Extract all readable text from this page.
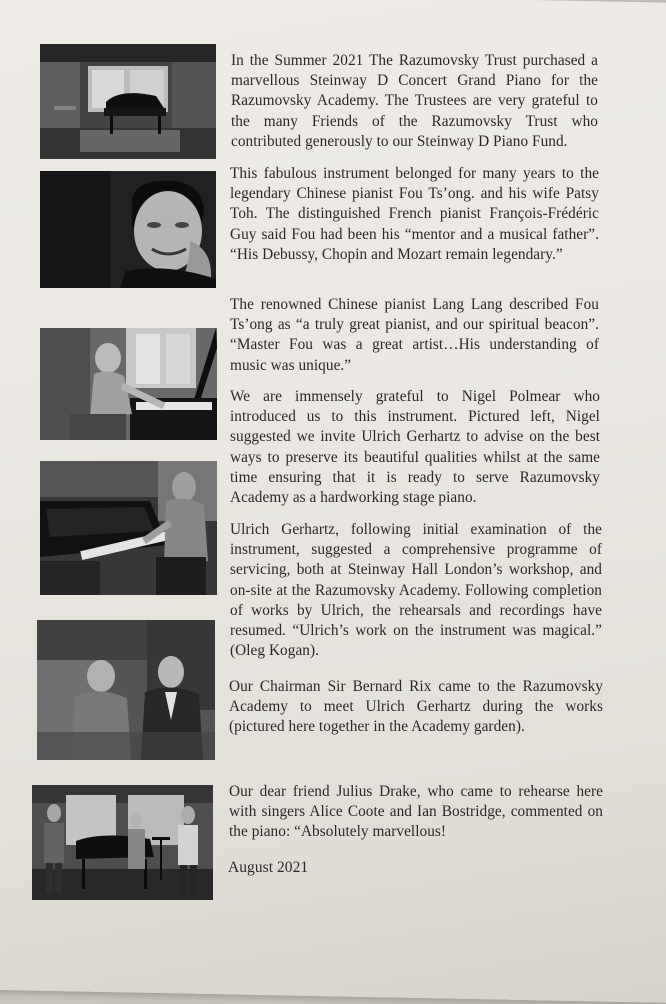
In the Summer 2021 The Razumovsky Trust purchased a marvellous Steinway D Concert Grand Piano for the Razumovsky Academy. The Trustees are very grateful to the many Friends of the Razumovsky Trust who contributed generously to our Steinway D Piano Fund.
This fabulous instrument belonged for many years to the legendary Chinese pianist Fou Ts’ong. and his wife Patsy Toh. The distinguished French pianist François-Frédéric Guy said Fou had been his “mentor and a musical father”. “His Debussy, Chopin and Mozart remain legendary.”
The renowned Chinese pianist Lang Lang described Fou Ts’ong as “a truly great pianist, and our spiritual beacon”. “Master Fou was a great artist…His understanding of music was unique.”
We are immensely grateful to Nigel Polmear who introduced us to this instrument. Pictured left, Nigel suggested we invite Ulrich Gerhartz to advise on the best ways to preserve its beautiful qualities whilst at the same time ensuring that it is ready to serve Razumovsky Academy as a hardworking stage piano.
Ulrich Gerhartz, following initial examination of the instrument, suggested a comprehensive programme of servicing, both at Steinway Hall London’s workshop, and on-site at the Razumovsky Academy. Following completion of works by Ulrich, the rehearsals and recordings have resumed. “Ulrich’s work on the instrument was magical.” (Oleg Kogan).
Our Chairman Sir Bernard Rix came to the Razumovsky Academy to meet Ulrich Gerhartz during the works (pictured here together in the Academy garden).
Our dear friend Julius Drake, who came to rehearse here with singers Alice Coote and Ian Bostridge, commented on the piano: “Absolutely marvellous!
August 2021
